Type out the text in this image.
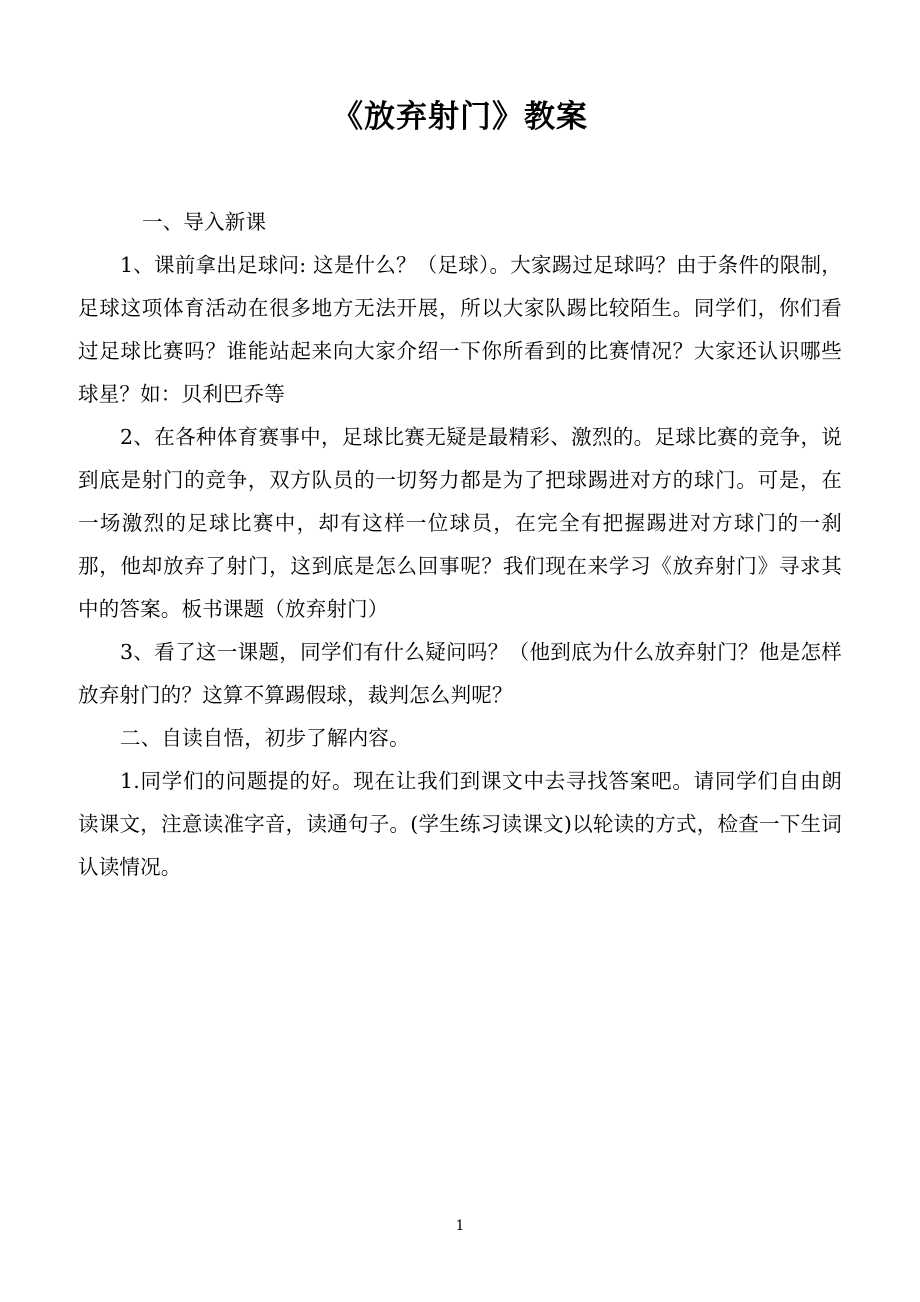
《放弃射门》教案

一、导入新课

1、课前拿出足球问: 这是什么？（足球）。大家踢过足球吗？由于条件的限制，足球这项体育活动在很多地方无法开展，所以大家队踢比较陌生。同学们，你们看过足球比赛吗？谁能站起来向大家介绍一下你所看到的比赛情况？大家还认识哪些球星？如：贝利巴乔等

2、在各种体育赛事中，足球比赛无疑是最精彩、激烈的。足球比赛的竞争，说到底是射门的竞争，双方队员的一切努力都是为了把球踢进对方的球门。可是，在一场激烈的足球比赛中，却有这样一位球员，在完全有把握踢进对方球门的一刹那，他却放弃了射门，这到底是怎么回事呢？我们现在来学习《放弃射门》寻求其中的答案。板书课题（放弃射门）

3、看了这一课题，同学们有什么疑问吗？（他到底为什么放弃射门？他是怎样放弃射门的？这算不算踢假球，裁判怎么判呢？

二、自读自悟，初步了解内容。

1.同学们的问题提的好。现在让我们到课文中去寻找答案吧。请同学们自由朗读课文，注意读准字音，读通句子。(学生练习读课文)以轮读的方式，检查一下生词认读情况。

1
